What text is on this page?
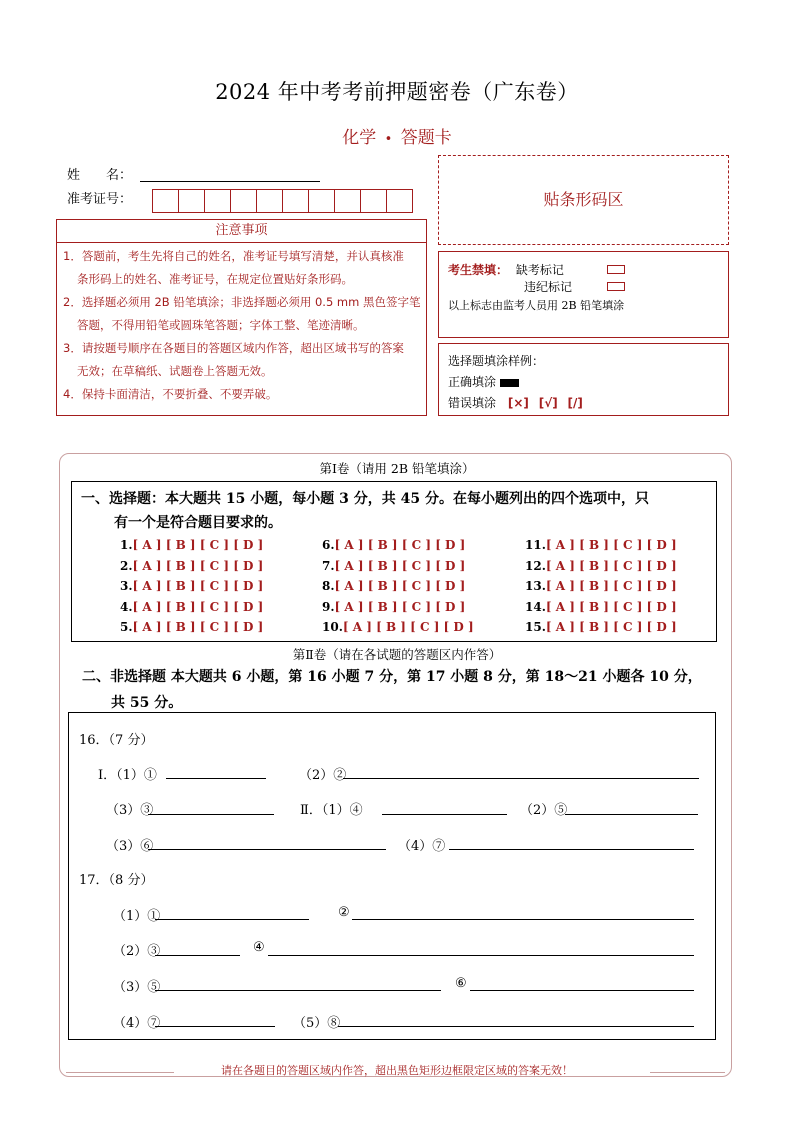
2024 年中考考前押题密卷（广东卷）
化学 • 答题卡
姓　　名：
准考证号：	贴条形码区
注意事项
1．答题前，考生先将自己的姓名，准考证号填写清楚，并认真核准
条形码上的姓名、准考证号，在规定位置贴好条形码。
2．选择题必须用 2B 铅笔填涂；非选择题必须用 0.5 mm 黑色签字笔
答题，不得用铅笔或圆珠笔答题；字体工整、笔迹清晰。
3．请按题号顺序在各题目的答题区域内作答，超出区域书写的答案
无效；在草稿纸、试题卷上答题无效。
4．保持卡面清洁，不要折叠、不要弄破。
考生禁填： 缺考标记
违纪标记
以上标志由监考人员用 2B 铅笔填涂
选择题填涂样例：
正确填涂
错误填涂 [×] [√] [/]
第Ⅰ卷（请用 2B 铅笔填涂）
一、选择题：本大题共 15 小题，每小题 3 分，共 45 分。在每小题列出的四个选项中，只
有一个是符合题目要求的。
1.[ A ] [ B ] [ C ] [ D ]
2.[ A ] [ B ] [ C ] [ D ]
3.[ A ] [ B ] [ C ] [ D ]
4.[ A ] [ B ] [ C ] [ D ]
5.[ A ] [ B ] [ C ] [ D ]
6.[ A ] [ B ] [ C ] [ D ]
7.[ A ] [ B ] [ C ] [ D ]
8.[ A ] [ B ] [ C ] [ D ]
9.[ A ] [ B ] [ C ] [ D ]
10.[ A ] [ B ] [ C ] [ D ]
11.[ A ] [ B ] [ C ] [ D ]
12.[ A ] [ B ] [ C ] [ D ]
13.[ A ] [ B ] [ C ] [ D ]
14.[ A ] [ B ] [ C ] [ D ]
15.[ A ] [ B ] [ C ] [ D ]
第Ⅱ卷（请在各试题的答题区内作答）
二、非选择题 本大题共 6 小题，第 16 小题 7 分，第 17 小题 8 分，第 18～21 小题各 10 分，
共 55 分。
16．（7 分）
Ⅰ．（1）①	（2）②
（3）③	Ⅱ．（1）④	（2）⑤
（3）⑥	（4）⑦
17．（8 分）
（1）①	②
（2）③	④
（3）⑤	⑥
（4）⑦	（5）⑧
请在各题目的答题区域内作答，超出黑色矩形边框限定区域的答案无效！
